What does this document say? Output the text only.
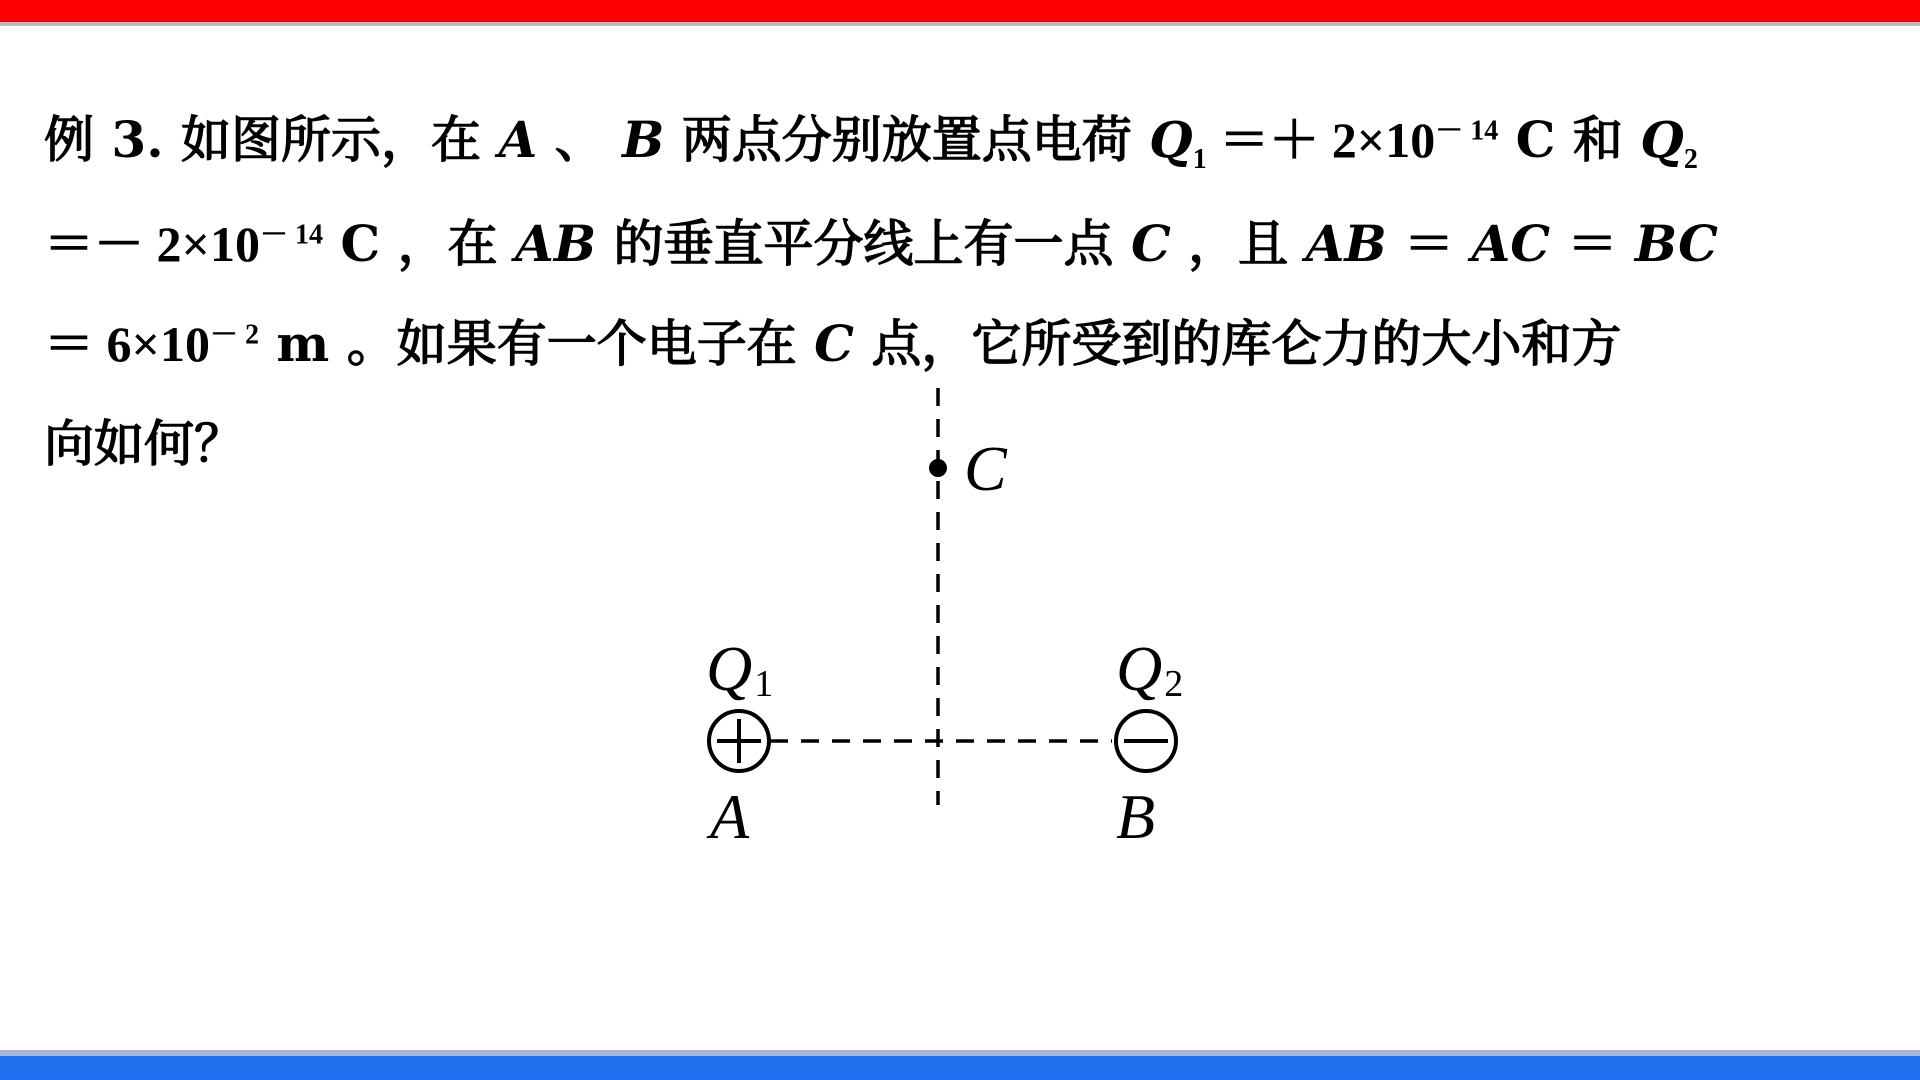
例 3. 如图所示，在 A 、 B 两点分别放置点电荷 $Q_1 =+ 2\times 10^{- 14}$ C 和 $Q_2$
＝－ $2\times 10^{- 14}$ C ，在 AB 的垂直平分线上有一点 C ，且 AB ＝ AC ＝ BC
＝ $6\times 10^{- 2}$ m 。如果有一个电子在 C 点，它所受到的库仑力的大小和方
向如何？	C
Q1
A
Q2
B
